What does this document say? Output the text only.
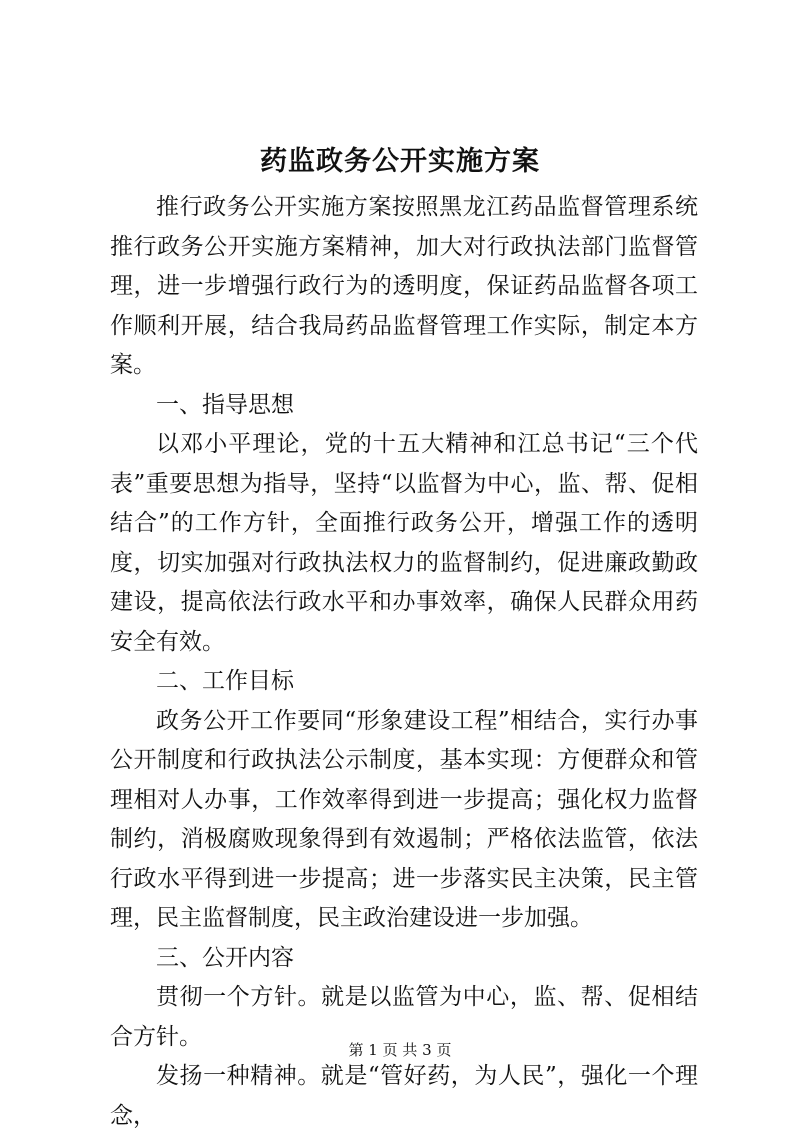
药监政务公开实施方案

推行政务公开实施方案按照黑龙江药品监督管理系统推行政务公开实施方案精神，加大对行政执法部门监督管理，进一步增强行政行为的透明度，保证药品监督各项工作顺利开展，结合我局药品监督管理工作实际，制定本方案。

一、指导思想

以邓小平理论，党的十五大精神和江总书记“三个代表”重要思想为指导，坚持“以监督为中心，监、帮、促相结合”的工作方针，全面推行政务公开，增强工作的透明度，切实加强对行政执法权力的监督制约，促进廉政勤政建设，提高依法行政水平和办事效率，确保人民群众用药安全有效。

二、工作目标

政务公开工作要同“形象建设工程”相结合，实行办事公开制度和行政执法公示制度，基本实现：方便群众和管理相对人办事，工作效率得到进一步提高；强化权力监督制约，消极腐败现象得到有效遏制；严格依法监管，依法行政水平得到进一步提高；进一步落实民主决策，民主管理，民主监督制度，民主政治建设进一步加强。

三、公开内容

贯彻一个方针。就是以监管为中心，监、帮、促相结合方针。

发扬一种精神。就是“管好药，为人民”，强化一个理念，

第 1 页 共 3 页
